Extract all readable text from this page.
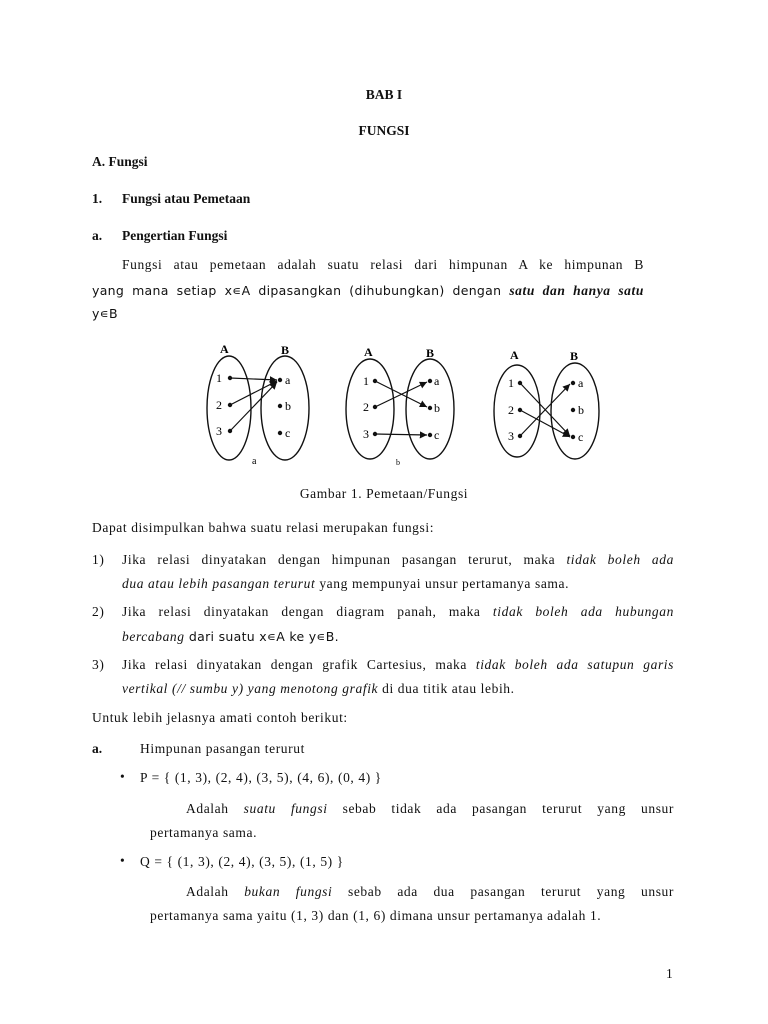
BAB I
FUNGSI
A. Fungsi
1. Fungsi atau Pemetaan
a. Pengertian Fungsi
Fungsi atau pemetaan adalah suatu relasi dari himpunan A ke himpunan B
yang mana setiap x∊A dipasangkan (dihubungkan) dengan satu dan hanya satu
y∊B
A	B
1
2
3
a
b
c
a
A	B
1
2
3
a
b
c
b
A	B
1
2
3
a
b
c
Gambar 1. Pemetaan/Fungsi
Dapat disimpulkan bahwa suatu relasi merupakan fungsi:
1) Jika relasi dinyatakan dengan himpunan pasangan terurut, maka tidak boleh ada
dua atau lebih pasangan terurut yang mempunyai unsur pertamanya sama.
2) Jika relasi dinyatakan dengan diagram panah, maka tidak boleh ada hubungan
bercabang dari suatu x∊A ke y∊B.
3) Jika relasi dinyatakan dengan grafik Cartesius, maka tidak boleh ada satupun garis
vertikal (// sumbu y) yang menotong grafik di dua titik atau lebih.
Untuk lebih jelasnya amati contoh berikut:
a.	Himpunan pasangan terurut
• P = { (1, 3), (2, 4), (3, 5), (4, 6), (0, 4) }
Adalah suatu fungsi sebab tidak ada pasangan terurut yang unsur
pertamanya sama.
• Q = { (1, 3), (2, 4), (3, 5), (1, 5) }
Adalah bukan fungsi sebab ada dua pasangan terurut yang unsur
pertamanya sama yaitu (1, 3) dan (1, 6) dimana unsur pertamanya adalah 1.
1
